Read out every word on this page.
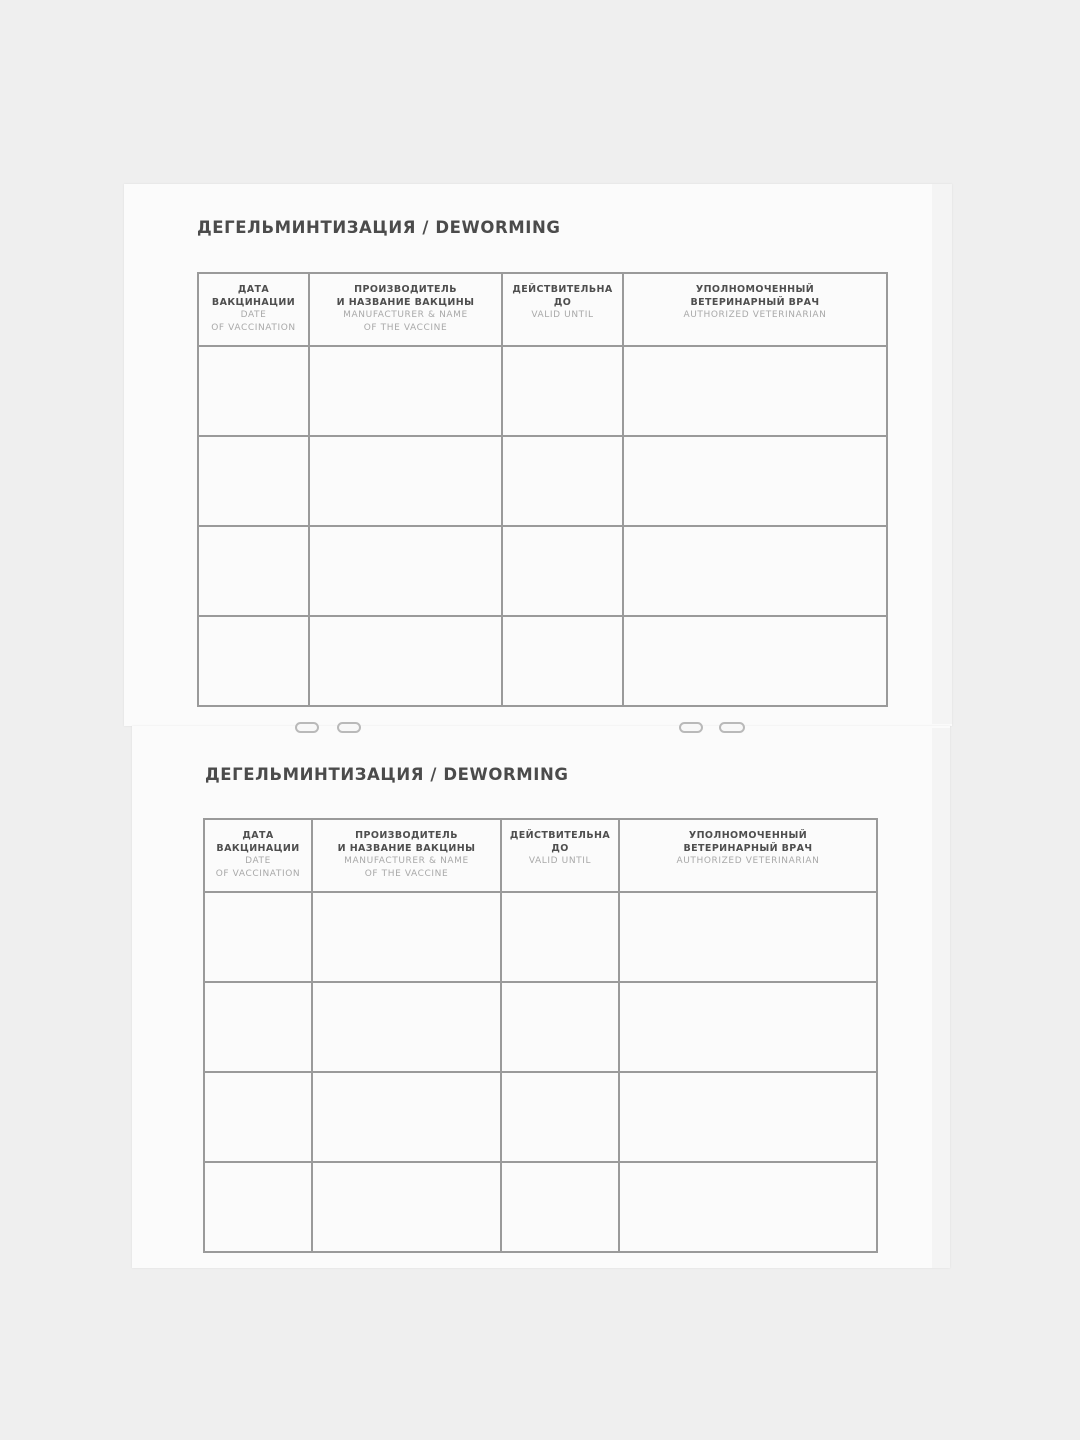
ДЕГЕЛЬМИНТИЗАЦИЯ / DEWORMING
ДАТА
ВАКЦИНАЦИИ
DATE
OF VACCINATION	ПРОИЗВОДИТЕЛЬ
И НАЗВАНИЕ ВАКЦИНЫ
MANUFACTURER & NAME
OF THE VACCINE	ДЕЙСТВИТЕЛЬНА
ДО
VALID UNTIL	УПОЛНОМОЧЕННЫЙ
ВЕТЕРИНАРНЫЙ ВРАЧ
AUTHORIZED VETERINARIAN

ДЕГЕЛЬМИНТИЗАЦИЯ / DEWORMING
ДАТА
ВАКЦИНАЦИИ
DATE
OF VACCINATION	ПРОИЗВОДИТЕЛЬ
И НАЗВАНИЕ ВАКЦИНЫ
MANUFACTURER & NAME
OF THE VACCINE	ДЕЙСТВИТЕЛЬНА
ДО
VALID UNTIL	УПОЛНОМОЧЕННЫЙ
ВЕТЕРИНАРНЫЙ ВРАЧ
AUTHORIZED VETERINARIAN
